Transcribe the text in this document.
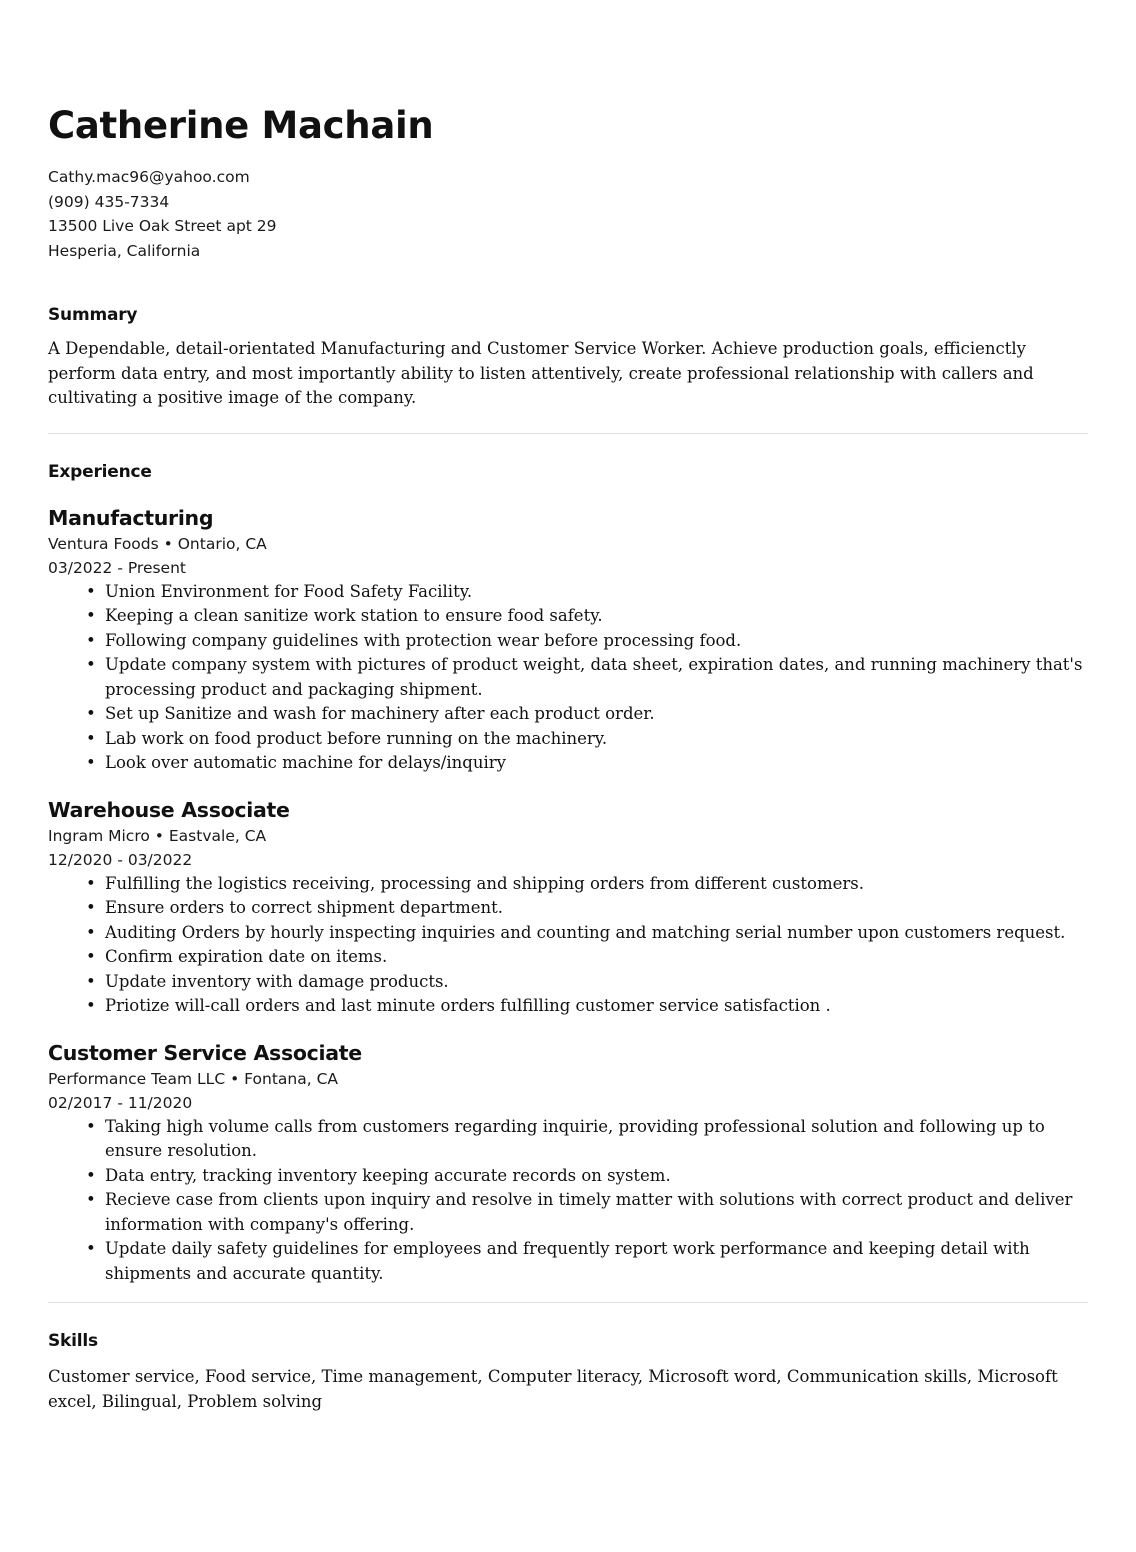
Catherine Machain
Cathy.mac96@yahoo.com
(909) 435-7334
13500 Live Oak Street apt 29
Hesperia, California
Summary
A Dependable, detail-orientated Manufacturing and Customer Service Worker. Achieve production goals, efficienctly perform data entry, and most importantly ability to listen attentively, create professional relationship with callers and cultivating a positive image of the company.
Experience
Manufacturing
Ventura Foods • Ontario, CA
03/2022 - Present
• Union Environment for Food Safety Facility.
• Keeping a clean sanitize work station to ensure food safety.
• Following company guidelines with protection wear before processing food.
• Update company system with pictures of product weight, data sheet, expiration dates, and running machinery that's processing product and packaging shipment.
• Set up Sanitize and wash for machinery after each product order.
• Lab work on food product before running on the machinery.
• Look over automatic machine for delays/inquiry
Warehouse Associate
Ingram Micro • Eastvale, CA
12/2020 - 03/2022
• Fulfilling the logistics receiving, processing and shipping orders from different customers.
• Ensure orders to correct shipment department.
• Auditing Orders by hourly inspecting inquiries and counting and matching serial number upon customers request.
• Confirm expiration date on items.
• Update inventory with damage products.
• Priotize will-call orders and last minute orders fulfilling customer service satisfaction .
Customer Service Associate
Performance Team LLC • Fontana, CA
02/2017 - 11/2020
• Taking high volume calls from customers regarding inquirie, providing professional solution and following up to ensure resolution.
• Data entry, tracking inventory keeping accurate records on system.
• Recieve case from clients upon inquiry and resolve in timely matter with solutions with correct product and deliver information with company's offering.
• Update daily safety guidelines for employees and frequently report work performance and keeping detail with shipments and accurate quantity.
Skills
Customer service, Food service, Time management, Computer literacy, Microsoft word, Communication skills, Microsoft excel, Bilingual, Problem solving
